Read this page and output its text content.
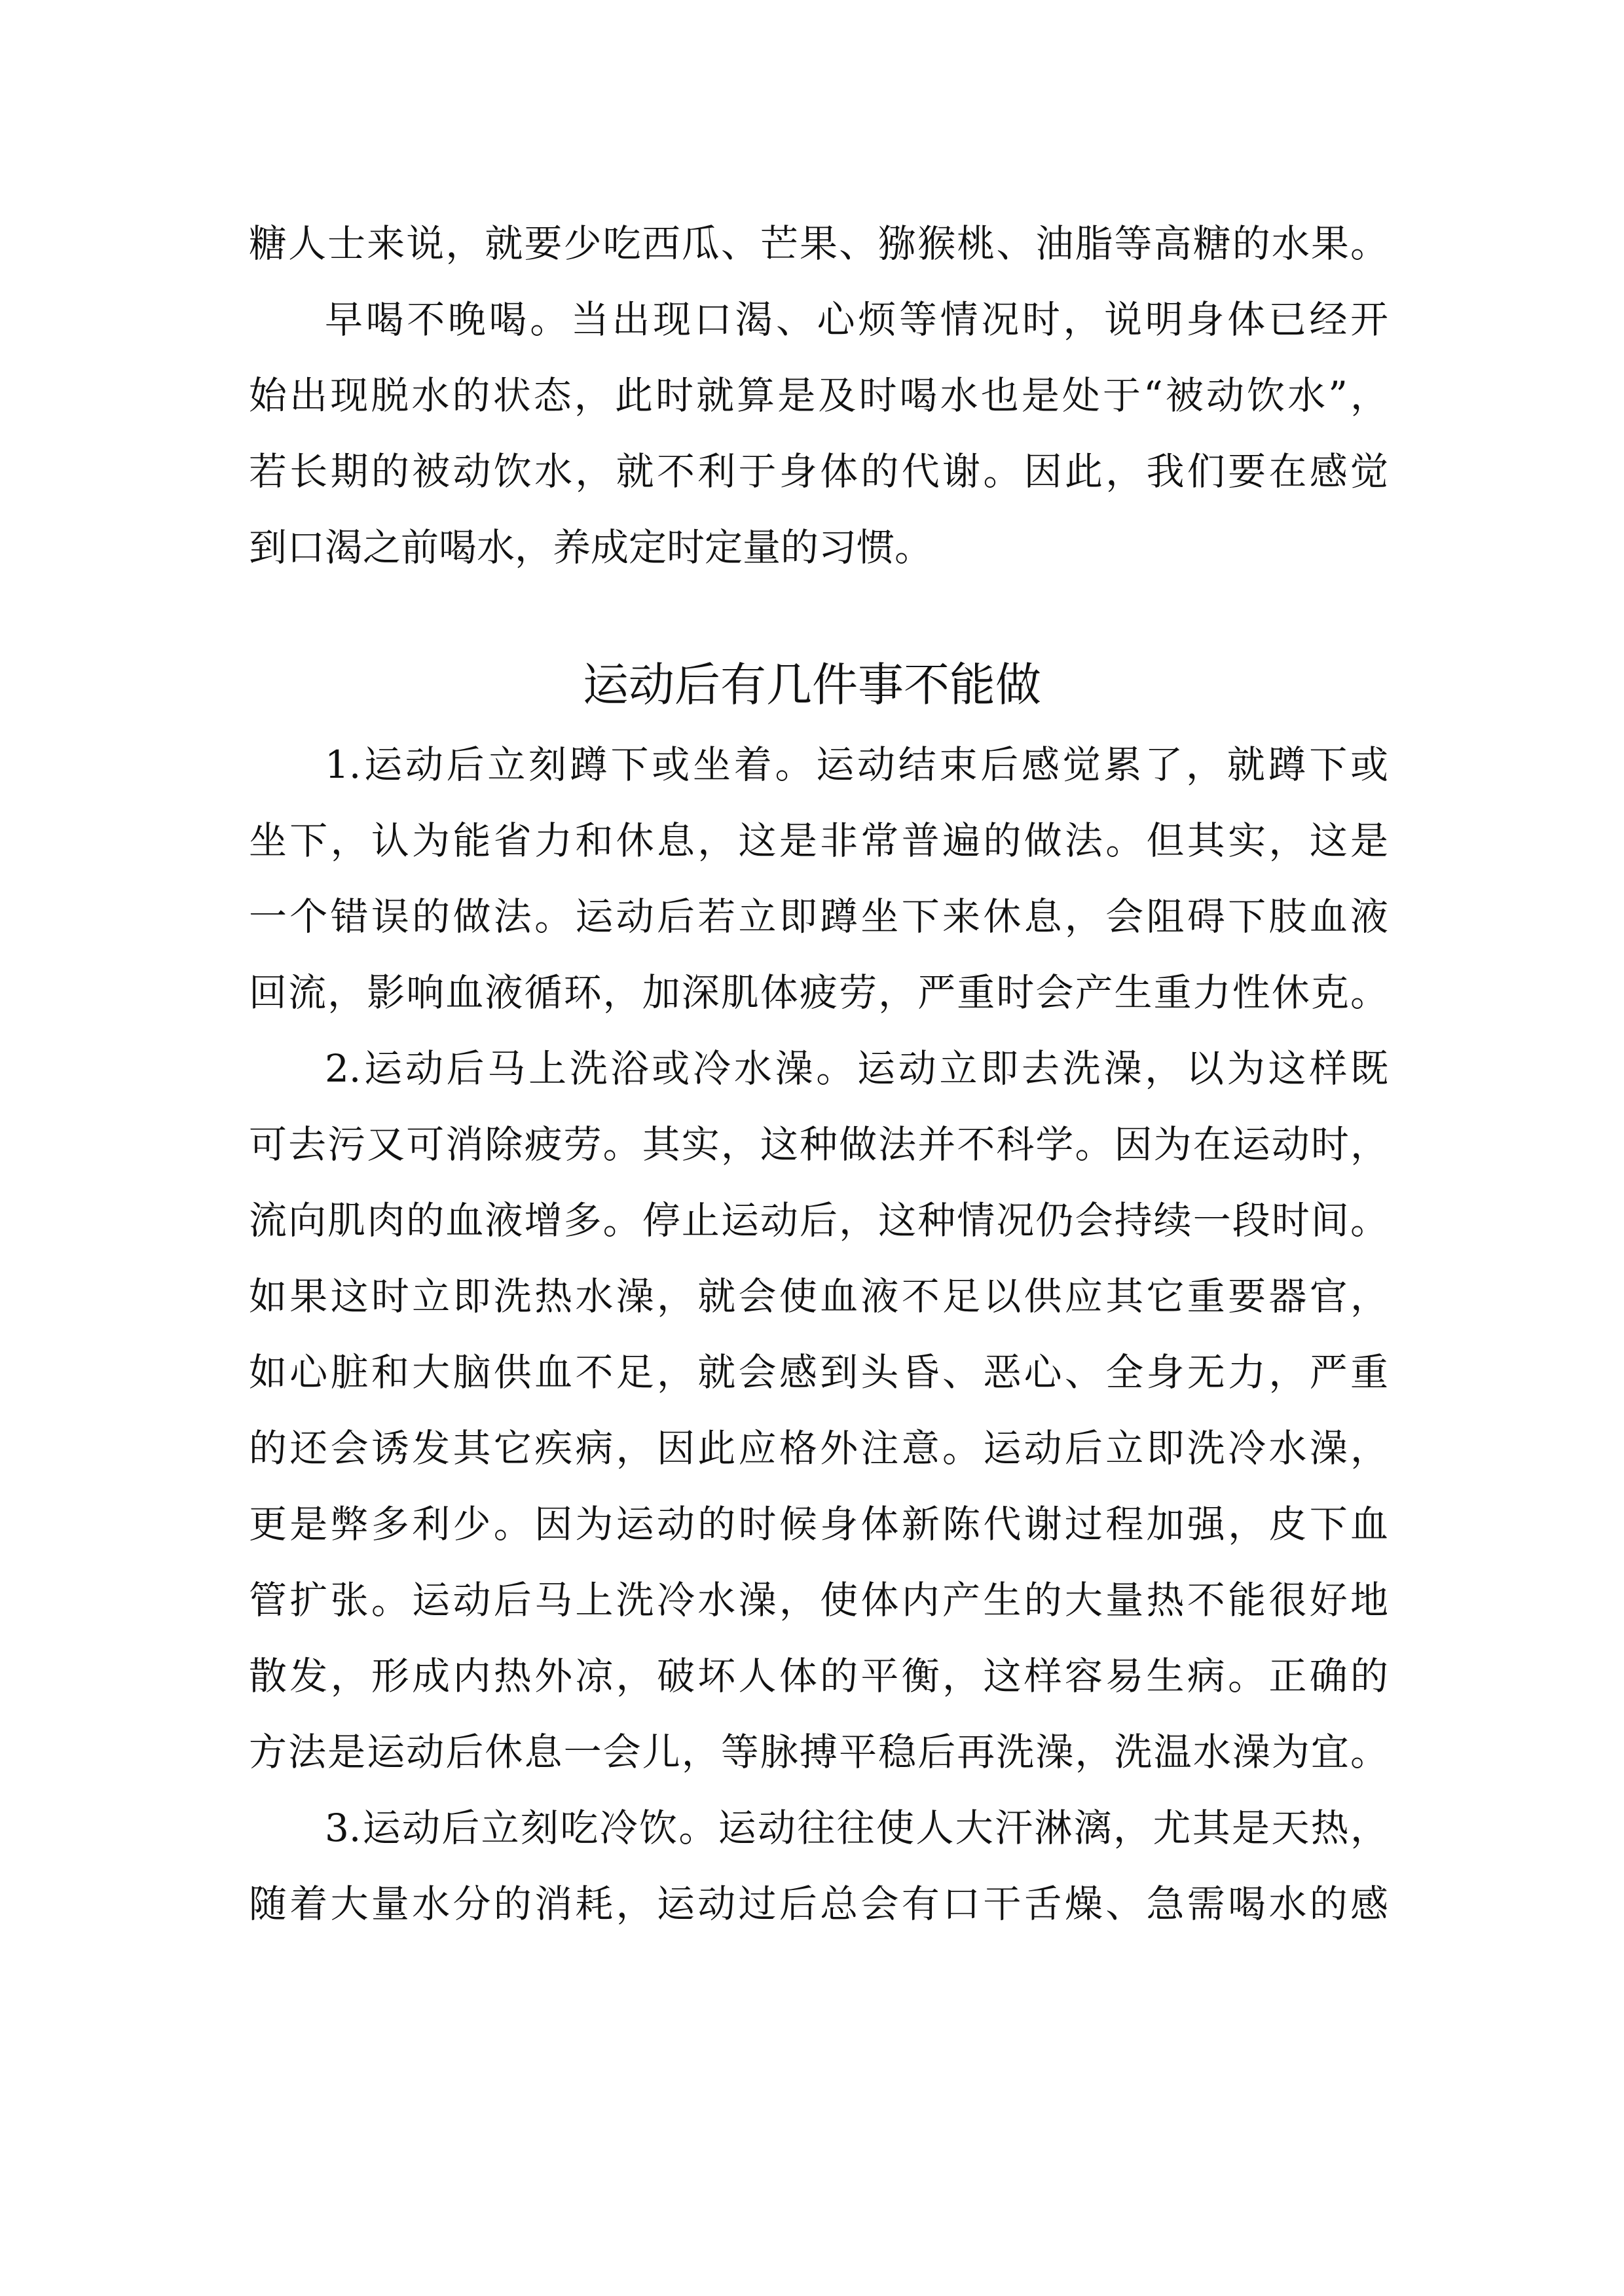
糖人士来说，就要少吃西瓜、芒果、猕猴桃、油脂等高糖的水果。
早喝不晚喝。当出现口渴、心烦等情况时，说明身体已经开
始出现脱水的状态，此时就算是及时喝水也是处于“被动饮水”，
若长期的被动饮水，就不利于身体的代谢。因此，我们要在感觉
到口渴之前喝水，养成定时定量的习惯。
运动后有几件事不能做
1.运动后立刻蹲下或坐着。运动结束后感觉累了，就蹲下或
坐下，认为能省力和休息，这是非常普遍的做法。但其实，这是
一个错误的做法。运动后若立即蹲坐下来休息，会阻碍下肢血液
回流，影响血液循环，加深肌体疲劳，严重时会产生重力性休克。
2.运动后马上洗浴或冷水澡。运动立即去洗澡，以为这样既
可去污又可消除疲劳。其实，这种做法并不科学。因为在运动时，
流向肌肉的血液增多。停止运动后，这种情况仍会持续一段时间。
如果这时立即洗热水澡，就会使血液不足以供应其它重要器官，
如心脏和大脑供血不足，就会感到头昏、恶心、全身无力，严重
的还会诱发其它疾病，因此应格外注意。运动后立即洗冷水澡，
更是弊多利少。因为运动的时候身体新陈代谢过程加强，皮下血
管扩张。运动后马上洗冷水澡，使体内产生的大量热不能很好地
散发，形成内热外凉，破坏人体的平衡，这样容易生病。正确的
方法是运动后休息一会儿，等脉搏平稳后再洗澡，洗温水澡为宜。
3.运动后立刻吃冷饮。运动往往使人大汗淋漓，尤其是天热，
随着大量水分的消耗，运动过后总会有口干舌燥、急需喝水的感
